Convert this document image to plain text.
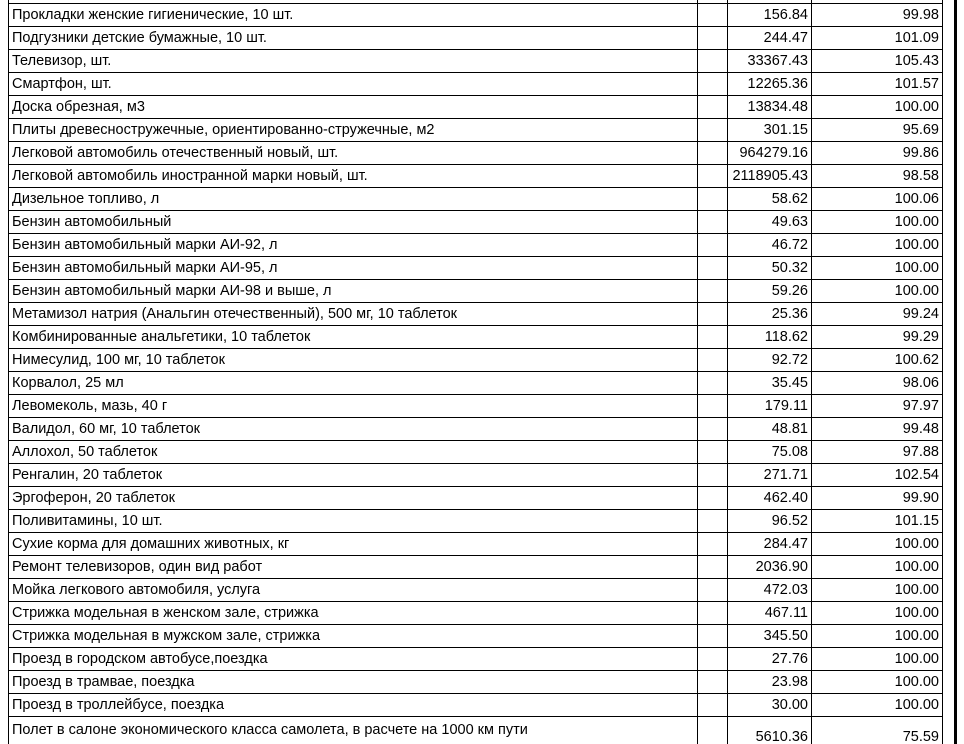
Прокладки женские гигиенические, 10 шт.		156.84	99.98
Подгузники детские бумажные, 10 шт.		244.47	101.09
Телевизор, шт.		33367.43	105.43
Смартфон, шт.		12265.36	101.57
Доска обрезная, м3		13834.48	100.00
Плиты древесностружечные, ориентированно-стружечные, м2		301.15	95.69
Легковой автомобиль отечественный новый, шт.		964279.16	99.86
Легковой автомобиль иностранной марки новый, шт.		2118905.43	98.58
Дизельное топливо, л		58.62	100.06
Бензин автомобильный		49.63	100.00
Бензин автомобильный марки АИ-92, л		46.72	100.00
Бензин автомобильный марки АИ-95, л		50.32	100.00
Бензин автомобильный марки АИ-98 и выше, л		59.26	100.00
Метамизол натрия (Анальгин отечественный), 500 мг, 10 таблеток		25.36	99.24
Комбинированные анальгетики, 10 таблеток		118.62	99.29
Нимесулид, 100 мг, 10 таблеток		92.72	100.62
Корвалол, 25 мл		35.45	98.06
Левомеколь, мазь, 40 г		179.11	97.97
Валидол, 60 мг, 10 таблеток		48.81	99.48
Аллохол, 50 таблеток		75.08	97.88
Ренгалин, 20 таблеток		271.71	102.54
Эргоферон, 20 таблеток		462.40	99.90
Поливитамины, 10 шт.		96.52	101.15
Сухие корма для домашних животных, кг		284.47	100.00
Ремонт телевизоров, один вид работ		2036.90	100.00
Мойка легкового автомобиля, услуга		472.03	100.00
Стрижка модельная в женском зале, стрижка		467.11	100.00
Стрижка модельная в мужском зале, стрижка		345.50	100.00
Проезд в городском автобусе,поездка		27.76	100.00
Проезд в трамвае, поездка		23.98	100.00
Проезд в троллейбусе, поездка		30.00	100.00
Полет в салоне экономического класса самолета, в расчете на 1000 км пути		5610.36	75.59
